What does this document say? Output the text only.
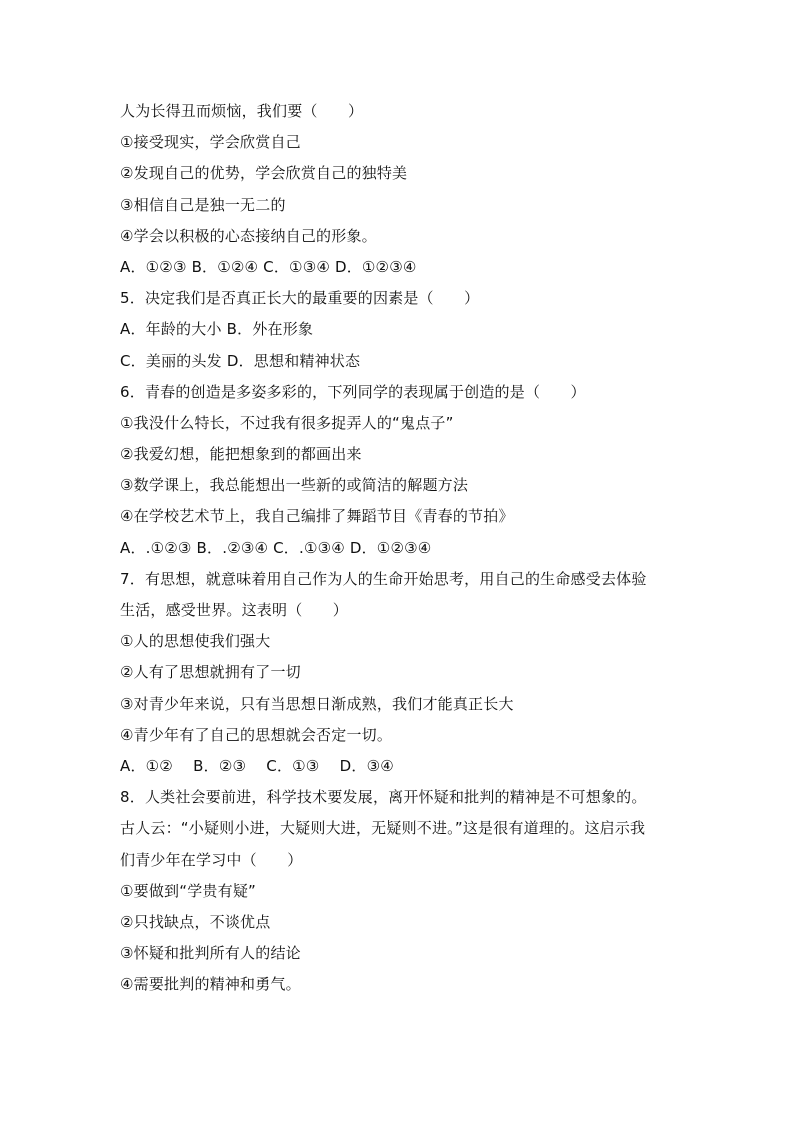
人为长得丑而烦恼，我们要（　　）
①接受现实，学会欣赏自己
②发现自己的优势，学会欣赏自己的独特美
③相信自己是独一无二的
④学会以积极的心态接纳自己的形象。
A．①②③ B．①②④ C．①③④ D．①②③④
5．决定我们是否真正长大的最重要的因素是（　　）
A．年龄的大小 B．外在形象
C．美丽的头发 D．思想和精神状态
6．青春的创造是多姿多彩的，下列同学的表现属于创造的是（　　）
①我没什么特长，不过我有很多捉弄人的“鬼点子”
②我爱幻想，能把想象到的都画出来
③数学课上，我总能想出一些新的或简洁的解题方法
④在学校艺术节上，我自己编排了舞蹈节目《青春的节拍》
A．.①②③ B．.②③④ C．.①③④ D．①②③④
7．有思想，就意味着用自己作为人的生命开始思考，用自己的生命感受去体验
生活，感受世界。这表明（　　）
①人的思想使我们强大
②人有了思想就拥有了一切
③对青少年来说，只有当思想日渐成熟，我们才能真正长大
④青少年有了自己的思想就会否定一切。
A．①②　 B．②③　 C．①③　 D．③④
8．人类社会要前进，科学技术要发展，离开怀疑和批判的精神是不可想象的。
古人云：“小疑则小进，大疑则大进，无疑则不进。”这是很有道理的。这启示我
们青少年在学习中（　　）
①要做到“学贵有疑”
②只找缺点，不谈优点
③怀疑和批判所有人的结论
④需要批判的精神和勇气。
